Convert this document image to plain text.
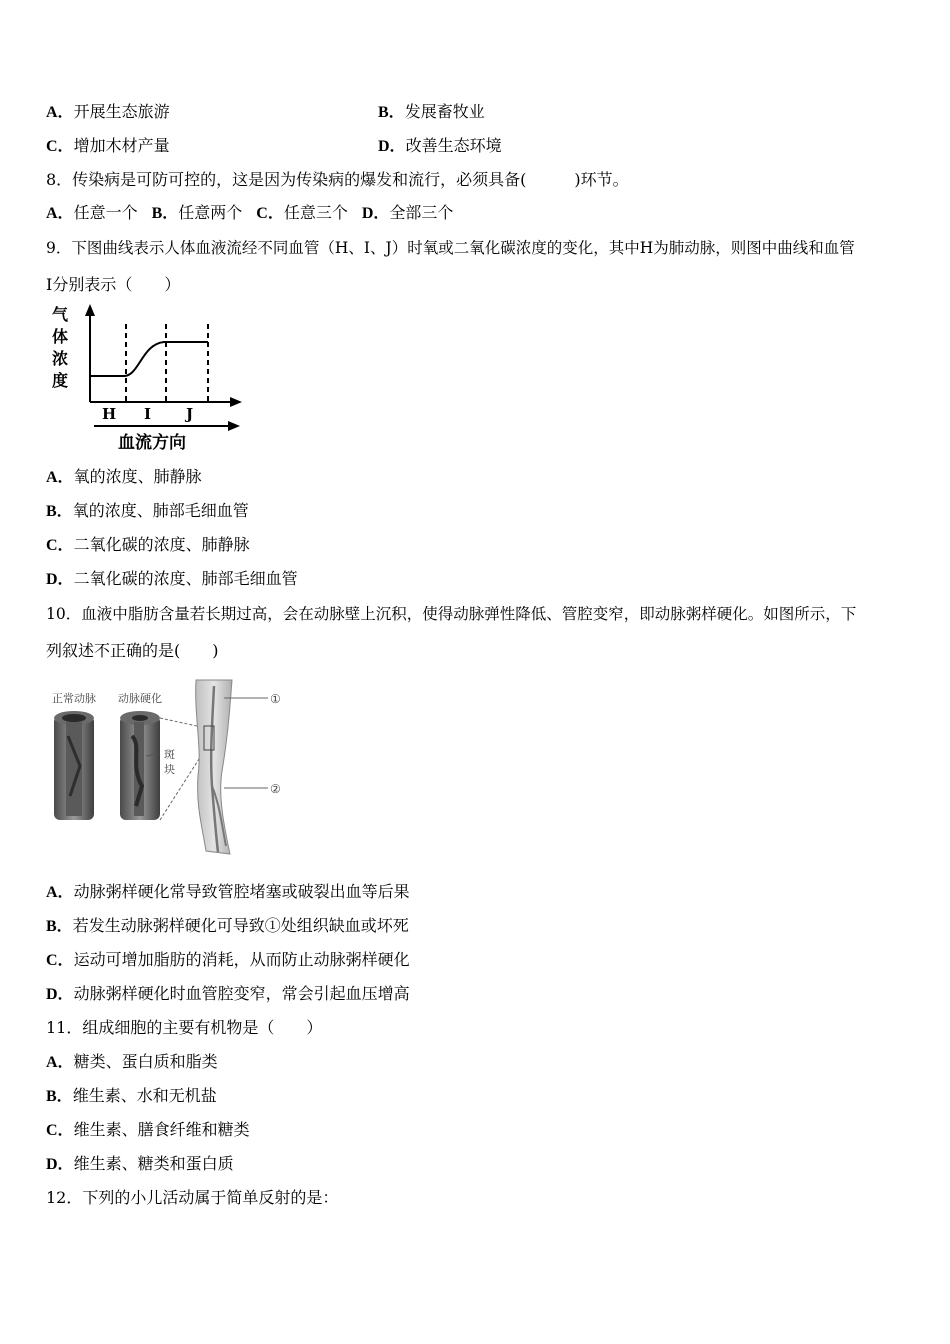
A．开展生态旅游	B．发展畜牧业
C．增加木材产量	D．改善生态环境
8．传染病是可防可控的，这是因为传染病的爆发和流行，必须具备(　　　)环节。
A．任意一个 B．任意两个 C．任意三个 D．全部三个
9．下图曲线表示人体血液流经不同血管（H、I、J）时氧或二氧化碳浓度的变化，其中H为肺动脉，则图中曲线和血管
I分别表示（　　）
气
体
浓
度
H I J
血流方向
A．氧的浓度、肺静脉
B．氧的浓度、肺部毛细血管
C．二氧化碳的浓度、肺静脉
D．二氧化碳的浓度、肺部毛细血管
10．血液中脂肪含量若长期过高，会在动脉壁上沉积，使得动脉弹性降低、管腔变窄，即动脉粥样硬化。如图所示，下
列叙述不正确的是(　　)
正常动脉 动脉硬化
斑
块
①
②
A．动脉粥样硬化常导致管腔堵塞或破裂出血等后果
B．若发生动脉粥样硬化可导致①处组织缺血或坏死
C．运动可增加脂肪的消耗，从而防止动脉粥样硬化
D．动脉粥样硬化时血管腔变窄，常会引起血压增高
11．组成细胞的主要有机物是（　　）
A．糖类、蛋白质和脂类
B．维生素、水和无机盐
C．维生素、膳食纤维和糖类
D．维生素、糖类和蛋白质
12．下列的小儿活动属于简单反射的是：
